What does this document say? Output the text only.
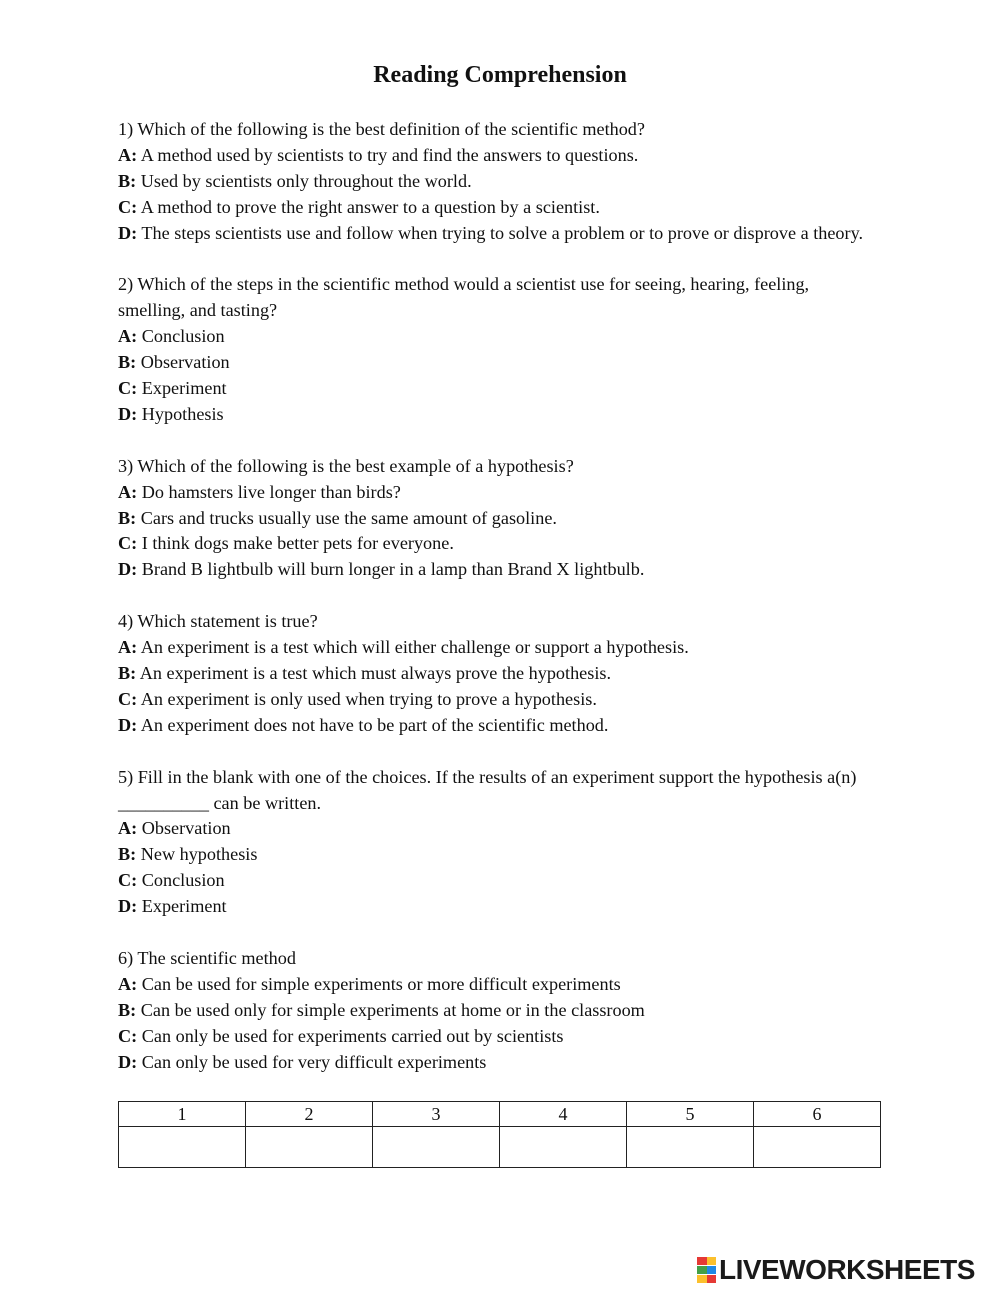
Reading Comprehension

1) Which of the following is the best definition of the scientific method?

A: A method used by scientists to try and find the answers to questions.

B: Used by scientists only throughout the world.

C: A method to prove the right answer to a question by a scientist.

D: The steps scientists use and follow when trying to solve a problem or to prove or disprove a theory.

2) Which of the steps in the scientific method would a scientist use for seeing, hearing, feeling, smelling, and tasting?

A: Conclusion

B: Observation

C: Experiment

D: Hypothesis

3) Which of the following is the best example of a hypothesis?

A: Do hamsters live longer than birds?

B: Cars and trucks usually use the same amount of gasoline.

C: I think dogs make better pets for everyone.

D: Brand B lightbulb will burn longer in a lamp than Brand X lightbulb.

4) Which statement is true?

A: An experiment is a test which will either challenge or support a hypothesis.

B: An experiment is a test which must always prove the hypothesis.

C: An experiment is only used when trying to prove a hypothesis.

D: An experiment does not have to be part of the scientific method.

5) Fill in the blank with one of the choices. If the results of an experiment support the hypothesis a(n) __________ can be written.

A: Observation

B: New hypothesis

C: Conclusion

D: Experiment

6) The scientific method

A: Can be used for simple experiments or more difficult experiments

B: Can be used only for simple experiments at home or in the classroom

C: Can only be used for experiments carried out by scientists

D: Can only be used for very difficult experiments

1	2	3	4	5	6

LIVEWORKSHEETS
